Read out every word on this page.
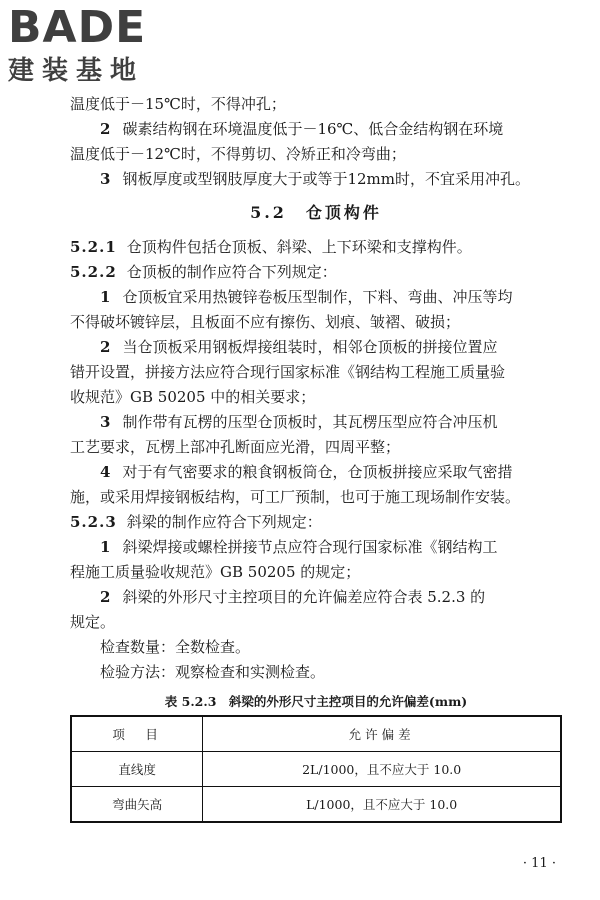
BADE
建装基地
温度低于－15℃时，不得冲孔；
2 碳素结构钢在环境温度低于－16℃、低合金结构钢在环境
温度低于－12℃时，不得剪切、冷矫正和冷弯曲；
3 钢板厚度或型钢肢厚度大于或等于12mm时，不宜采用冲孔。
5.2　 仓顶构件
5.2.1 仓顶构件包括仓顶板、斜梁、上下环梁和支撑构件。
5.2.2 仓顶板的制作应符合下列规定：
1 仓顶板宜采用热镀锌卷板压型制作，下料、弯曲、冲压等均
不得破坏镀锌层，且板面不应有擦伤、划痕、皱褶、破损；
2 当仓顶板采用钢板焊接组装时，相邻仓顶板的拼接位置应
错开设置，拼接方法应符合现行国家标准《钢结构工程施工质量验
收规范》GB 50205 中的相关要求；
3 制作带有瓦楞的压型仓顶板时，其瓦楞压型应符合冲压机
工艺要求，瓦楞上部冲孔断面应光滑，四周平整；
4 对于有气密要求的粮食钢板筒仓，仓顶板拼接应采取气密措
施，或采用焊接钢板结构，可工厂预制，也可于施工现场制作安装。
5.2.3 斜梁的制作应符合下列规定：
1 斜梁焊接或螺栓拼接节点应符合现行国家标准《钢结构工
程施工质量验收规范》GB 50205 的规定；
2 斜梁的外形尺寸主控项目的允许偏差应符合表 5.2.3 的
规定。
检查数量：全数检查。
检验方法：观察检查和实测检查。
表 5.2.3　斜梁的外形尺寸主控项目的允许偏差(mm)
项　目	允许偏差
直线度	2L/1000，且不应大于 10.0
弯曲矢高	L/1000，且不应大于 10.0
· 11 ·
